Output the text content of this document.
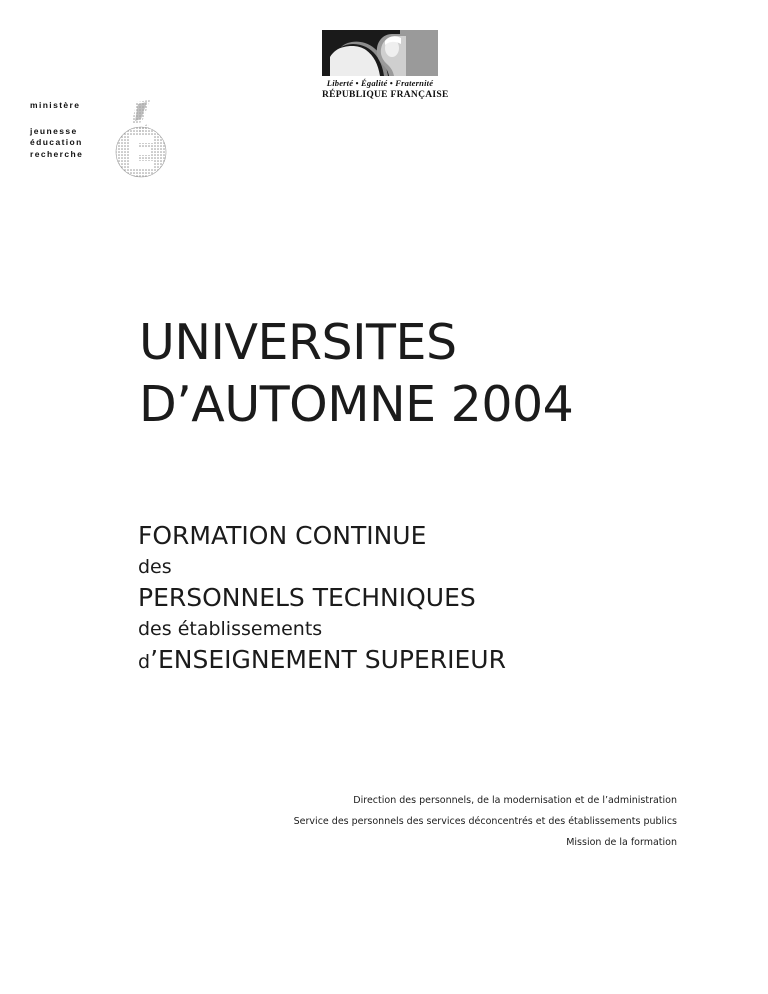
Liberté • Égalité • Fraternité
RÉPUBLIQUE FRANÇAISE
ministère
jeunesse
éducation
recherche
UNIVERSITES
D’AUTOMNE 2004
FORMATION CONTINUE
des
PERSONNELS TECHNIQUES
des établissements
d’ENSEIGNEMENT SUPERIEUR
Direction des personnels, de la modernisation et de l’administration
Service des personnels des services déconcentrés et des établissements publics
Mission de la formation
